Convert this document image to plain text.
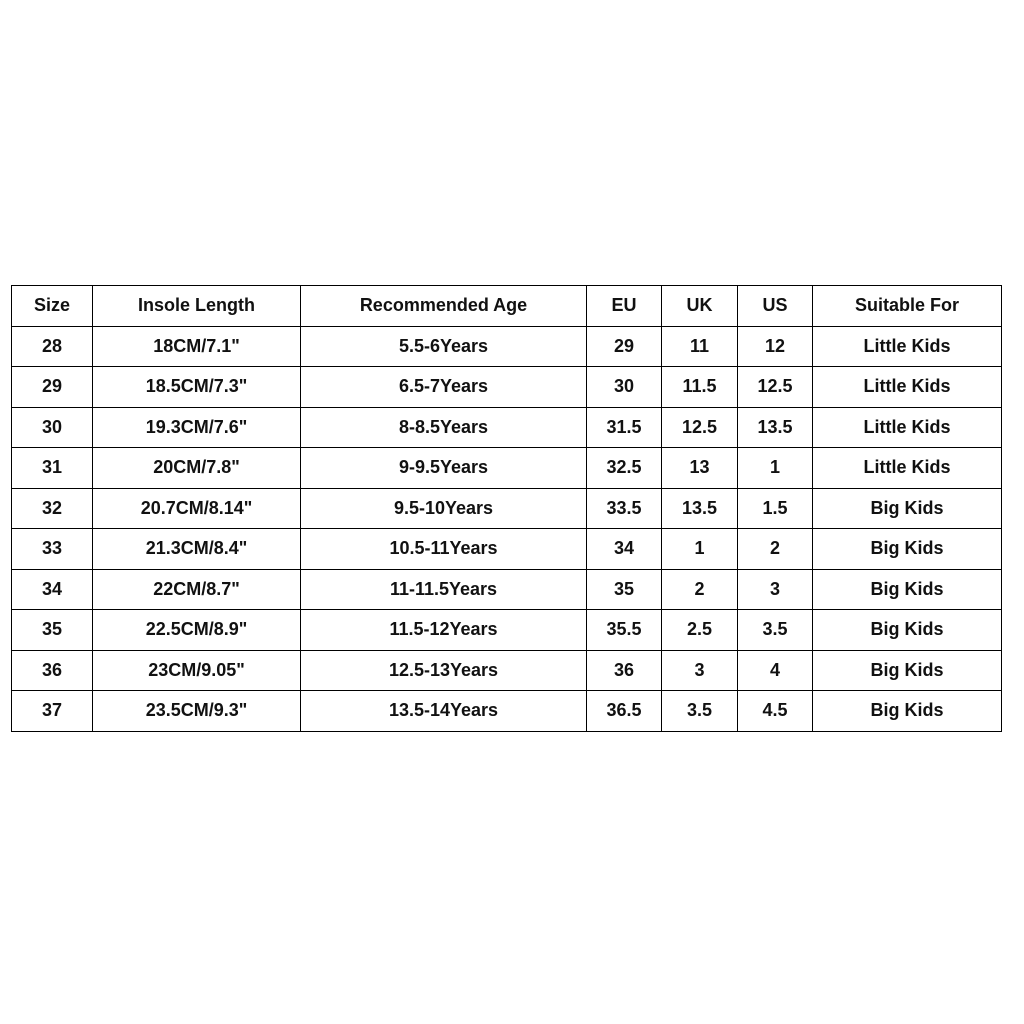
Size	Insole Length	Recommended Age	EU	UK	US	Suitable For
28	18CM/7.1"	5.5-6Years	29	11	12	Little Kids
29	18.5CM/7.3"	6.5-7Years	30	11.5	12.5	Little Kids
30	19.3CM/7.6"	8-8.5Years	31.5	12.5	13.5	Little Kids
31	20CM/7.8"	9-9.5Years	32.5	13	1	Little Kids
32	20.7CM/8.14"	9.5-10Years	33.5	13.5	1.5	Big Kids
33	21.3CM/8.4"	10.5-11Years	34	1	2	Big Kids
34	22CM/8.7"	11-11.5Years	35	2	3	Big Kids
35	22.5CM/8.9"	11.5-12Years	35.5	2.5	3.5	Big Kids
36	23CM/9.05"	12.5-13Years	36	3	4	Big Kids
37	23.5CM/9.3"	13.5-14Years	36.5	3.5	4.5	Big Kids
